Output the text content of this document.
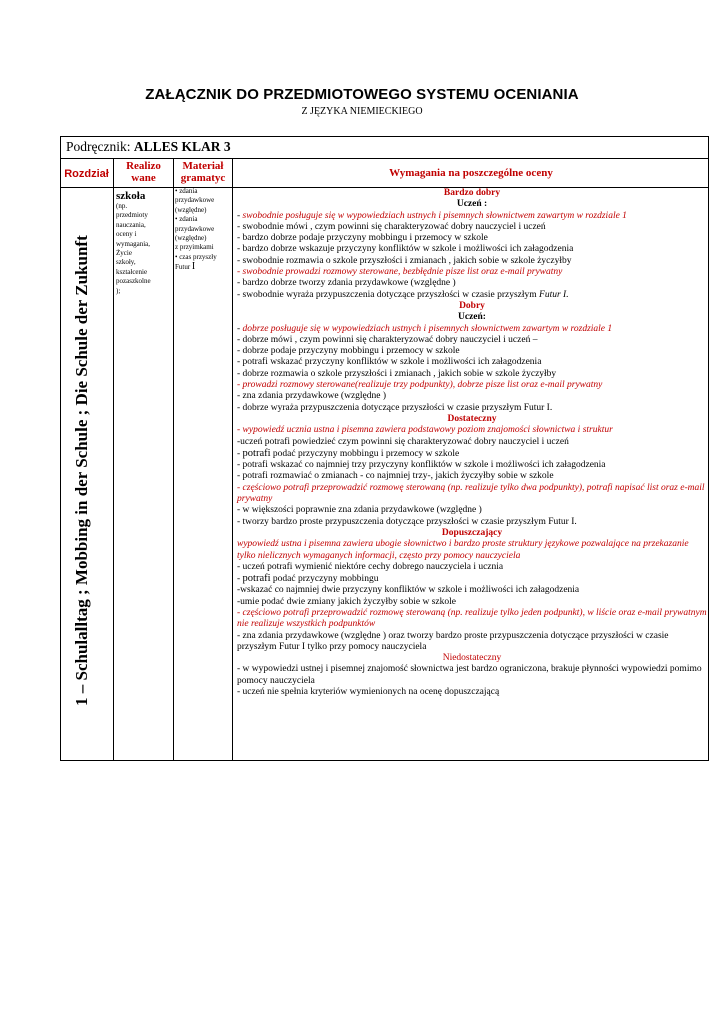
ZAŁĄCZNIK DO PRZEDMIOTOWEGO SYSTEMU OCENIANIA
Z JĘZYKA NIEMIECKIEGO
Podręcznik: ALLES KLAR 3
Rozdział
Realizo
wane
Materiał
gramatyc	Wymagania na poszczególne oceny
1 – Schulalltag ; Mobbing in der Schule ; Die Schule der Zukunft
szkoła
(np.
przedmioty
nauczania,
oceny i
wymagania,
Życie
szkoły,
kształcenie
pozaszkolne
);
• zdania
przydawkowe
(względne)
• zdania
przydawkowe
(względne)
z przyimkami
• czas przyszły
Futur I
Bardzo dobry
Uczeń :
- swobodnie posługuje się w wypowiedziach ustnych i pisemnych słownictwem zawartym w rozdziale 1
- swobodnie mówi , czym powinni się charakteryzować dobry nauczyciel i uczeń
- bardzo dobrze podaje przyczyny mobbingu i przemocy w szkole
- bardzo dobrze wskazuje przyczyny konfliktów w szkole i możliwości ich załagodzenia
- swobodnie rozmawia o szkole przyszłości i zmianach , jakich sobie w szkole życzyłby
- swobodnie prowadzi rozmowy sterowane, bezbłędnie pisze list oraz e-mail prywatny
- bardzo dobrze tworzy zdania przydawkowe (względne )
- swobodnie wyraża przypuszczenia dotyczące przyszłości w czasie przyszłym Futur I.
Dobry
Uczeń:
- dobrze posługuje się w wypowiedziach ustnych i pisemnych słownictwem zawartym w rozdziale 1
- dobrze mówi , czym powinni się charakteryzować dobry nauczyciel i uczeń –
- dobrze podaje przyczyny mobbingu i przemocy w szkole
- potrafi wskazać przyczyny konfliktów w szkole i możliwości ich załagodzenia
- dobrze rozmawia o szkole przyszłości i zmianach , jakich sobie w szkole życzyłby
- prowadzi rozmowy sterowane(realizuje trzy podpunkty), dobrze pisze list oraz e-mail prywatny
- zna zdania przydawkowe (względne )
- dobrze wyraża przypuszczenia dotyczące przyszłości w czasie przyszłym Futur I.
Dostateczny
- wypowiedź ucznia ustna i pisemna zawiera podstawowy poziom znajomości słownictwa i struktur
-uczeń potrafi powiedzieć czym powinni się charakteryzować dobry nauczyciel i uczeń
- potrafi podać przyczyny mobbingu i przemocy w szkole
- potrafi wskazać co najmniej trzy przyczyny konfliktów w szkole i możliwości ich załagodzenia
- potrafi rozmawiać o zmianach - co najmniej trzy-, jakich życzyłby sobie w szkole
- częściowo potrafi przeprowadzić rozmowę sterowaną (np. realizuje tylko dwa podpunkty), potrafi napisać list oraz e-mail prywatny
- w większości poprawnie zna zdania przydawkowe (względne )
- tworzy bardzo proste przypuszczenia dotyczące przyszłości w czasie przyszłym Futur I.
Dopuszczający
wypowiedź ustna i pisemna zawiera ubogie słownictwo i bardzo proste struktury językowe pozwalające na przekazanie tylko nielicznych wymaganych informacji, często przy pomocy nauczyciela
- uczeń potrafi wymienić niektóre cechy dobrego nauczyciela i ucznia
- potrafi podać przyczyny mobbingu
-wskazać co najmniej dwie przyczyny konfliktów w szkole i możliwości ich załagodzenia
-umie podać dwie zmiany jakich życzyłby sobie w szkole
- częściowo potrafi przeprowadzić rozmowę sterowaną (np. realizuje tylko jeden podpunkt), w liście oraz e-mail prywatnym nie realizuje wszystkich podpunktów
- zna zdania przydawkowe (względne ) oraz tworzy bardzo proste przypuszczenia dotyczące przyszłości w czasie przyszłym Futur I tylko przy pomocy nauczyciela
Niedostateczny
- w wypowiedzi ustnej i pisemnej znajomość słownictwa jest bardzo ograniczona, brakuje płynności wypowiedzi pomimo pomocy nauczyciela
- uczeń nie spełnia kryteriów wymienionych na ocenę dopuszczającą
